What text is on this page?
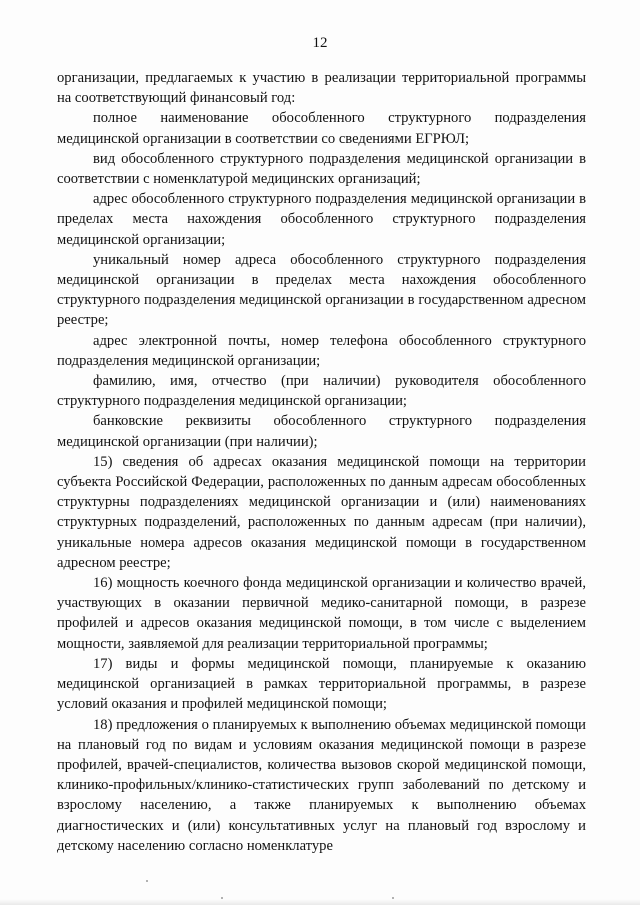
12

организации, предлагаемых к участию в реализации территориальной программы на соответствующий финансовый год:

полное наименование обособленного структурного подразделения медицинской организации в соответствии со сведениями ЕГРЮЛ;

вид обособленного структурного подразделения медицинской организации в соответствии с номенклатурой медицинских организаций;

адрес обособленного структурного подразделения медицинской организации в пределах места нахождения обособленного структурного подразделения медицинской организации;

уникальный номер адреса обособленного структурного подразделения медицинской организации в пределах места нахождения обособленного структурного подразделения медицинской организации в государственном адресном реестре;

адрес электронной почты, номер телефона обособленного структурного подразделения медицинской организации;

фамилию, имя, отчество (при наличии) руководителя обособленного структурного подразделения медицинской организации;

банковские реквизиты обособленного структурного подразделения медицинской организации (при наличии);

15) сведения об адресах оказания медицинской помощи на территории субъекта Российской Федерации, расположенных по данным адресам обособленных структурны подразделениях медицинской организации и (или) наименованиях структурных подразделений, расположенных по данным адресам (при наличии), уникальные номера адресов оказания медицинской помощи в государственном адресном реестре;

16) мощность коечного фонда медицинской организации и количество врачей, участвующих в оказании первичной медико-санитарной помощи, в разрезе профилей и адресов оказания медицинской помощи, в том числе с выделением мощности, заявляемой для реализации территориальной программы;

17) виды и формы медицинской помощи, планируемые к оказанию медицинской организацией в рамках территориальной программы, в разрезе условий оказания и профилей медицинской помощи;

18) предложения о планируемых к выполнению объемах медицинской помощи на плановый год по видам и условиям оказания медицинской помощи в разрезе профилей, врачей-специалистов, количества вызовов скорой медицинской помощи, клинико-профильных/клинико-статистических групп заболеваний по детскому и взрослому населению, а также планируемых к выполнению объемах диагностических и (или) консультативных услуг на плановый год взрослому и детскому населению согласно номенклатуре
